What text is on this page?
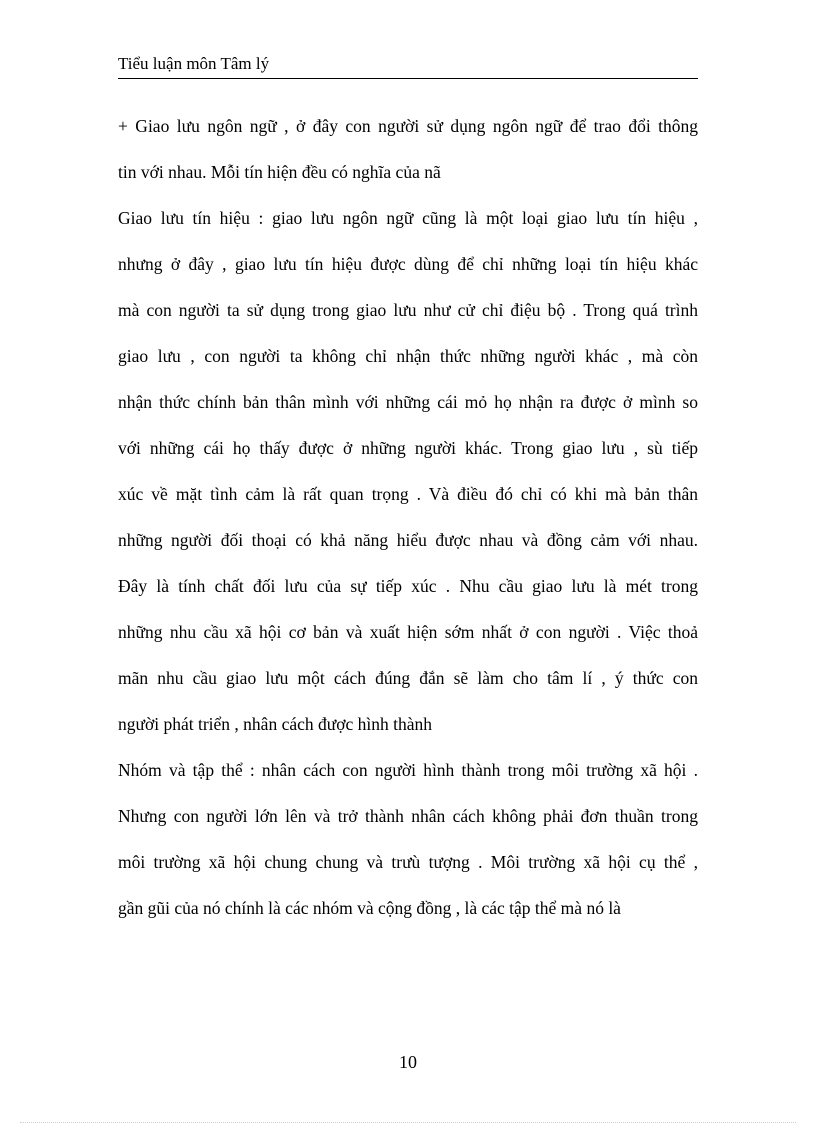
Tiểu luận môn Tâm lý
+ Giao lưu ngôn ngữ , ở đây con người sử dụng ngôn ngữ để trao đổi thông
tin với nhau. Mỗi tín hiện đều có nghĩa của nã
Giao lưu tín hiệu : giao lưu ngôn ngữ cũng là một loại giao lưu tín hiệu ,
nhưng ở đây , giao lưu tín hiệu được dùng để chỉ những loại tín hiệu khác
mà con người ta sử dụng trong giao lưu như cử chỉ điệu bộ . Trong quá trình
giao lưu , con người ta không chỉ nhận thức những người khác , mà còn
nhận thức chính bản thân mình với những cái mỏ họ nhận ra được ở mình so
với những cái họ thấy được ở những người khác. Trong giao lưu , sù tiếp
xúc về mặt tình cảm là rất quan trọng . Và điều đó chỉ có khi mà bản thân
những người đối thoại có khả năng hiểu được nhau và đồng cảm với nhau.
Đây là tính chất đối lưu của sự tiếp xúc . Nhu cầu giao lưu là mét trong
những nhu cầu xã hội cơ bản và xuất hiện sớm nhất ở con người . Việc thoả
mãn nhu cầu giao lưu một cách đúng đắn sẽ làm cho tâm lí , ý thức con
người phát triển , nhân cách được hình thành
Nhóm và tập thể : nhân cách con người hình thành trong môi trường xã hội .
Nhưng con người lớn lên và trở thành nhân cách không phải đơn thuần trong
môi trường xã hội chung chung và trưù tượng . Môi trường xã hội cụ thể ,
gần gũi của nó chính là các nhóm và cộng đồng , là các tập thể mà nó là
10
